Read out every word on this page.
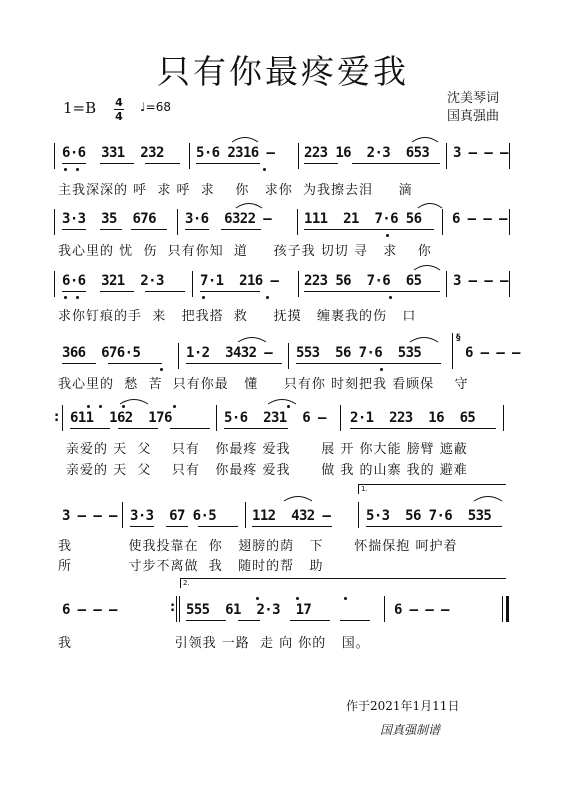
只有你最疼爱我
沈美琴词
国真强曲
1=B 4
4
♩=68
6·6  331  232 5·6 2316 – 223 16  2·3  653 3 – – –
主我深深的 呼  求 呼  求    你   求你  为我擦去泪     滴
3·3  35  676 3·6  6322 – 111  21  7·6 56 6 – – –
我心里的 忧  伤  只有你知  道     孩子我 切切 寻   求    你
6·6  321  2·3	7·1  216 – 223 56  7·6  65 3 – – –
求你钉痕的手  来   把我搭  救     抚摸   缠裹我的伤   口
366  676·5	1·2  3432 – 553  56 7·6  535
§
6 – – –
我心里的  愁  苦  只有你最   懂     只有你 时刻把我 看顾保    守
: 611  162  176	5·6  231  6 – 2·1  223  16  65
亲爱的 天  父    只有   你最疼 爱我      展 开 你大能 膀臂 遮蔽
亲爱的 天  父    只有   你最疼 爱我      做 我 的山寨 我的 避难
1.
3 – – – 3·3  67 6·5	112  432 –	5·3  56 7·6  535
我           使我投靠在  你   翅膀的荫   下      怀揣保抱 呵护着
所           寸步不离做  我   随时的帮   助
2.
6 – – –	: 555  61  2·3  17	6 – – –
我                    引领我 一路  走 向 你的   国。
作于2021年1月11日
国真强制谱
